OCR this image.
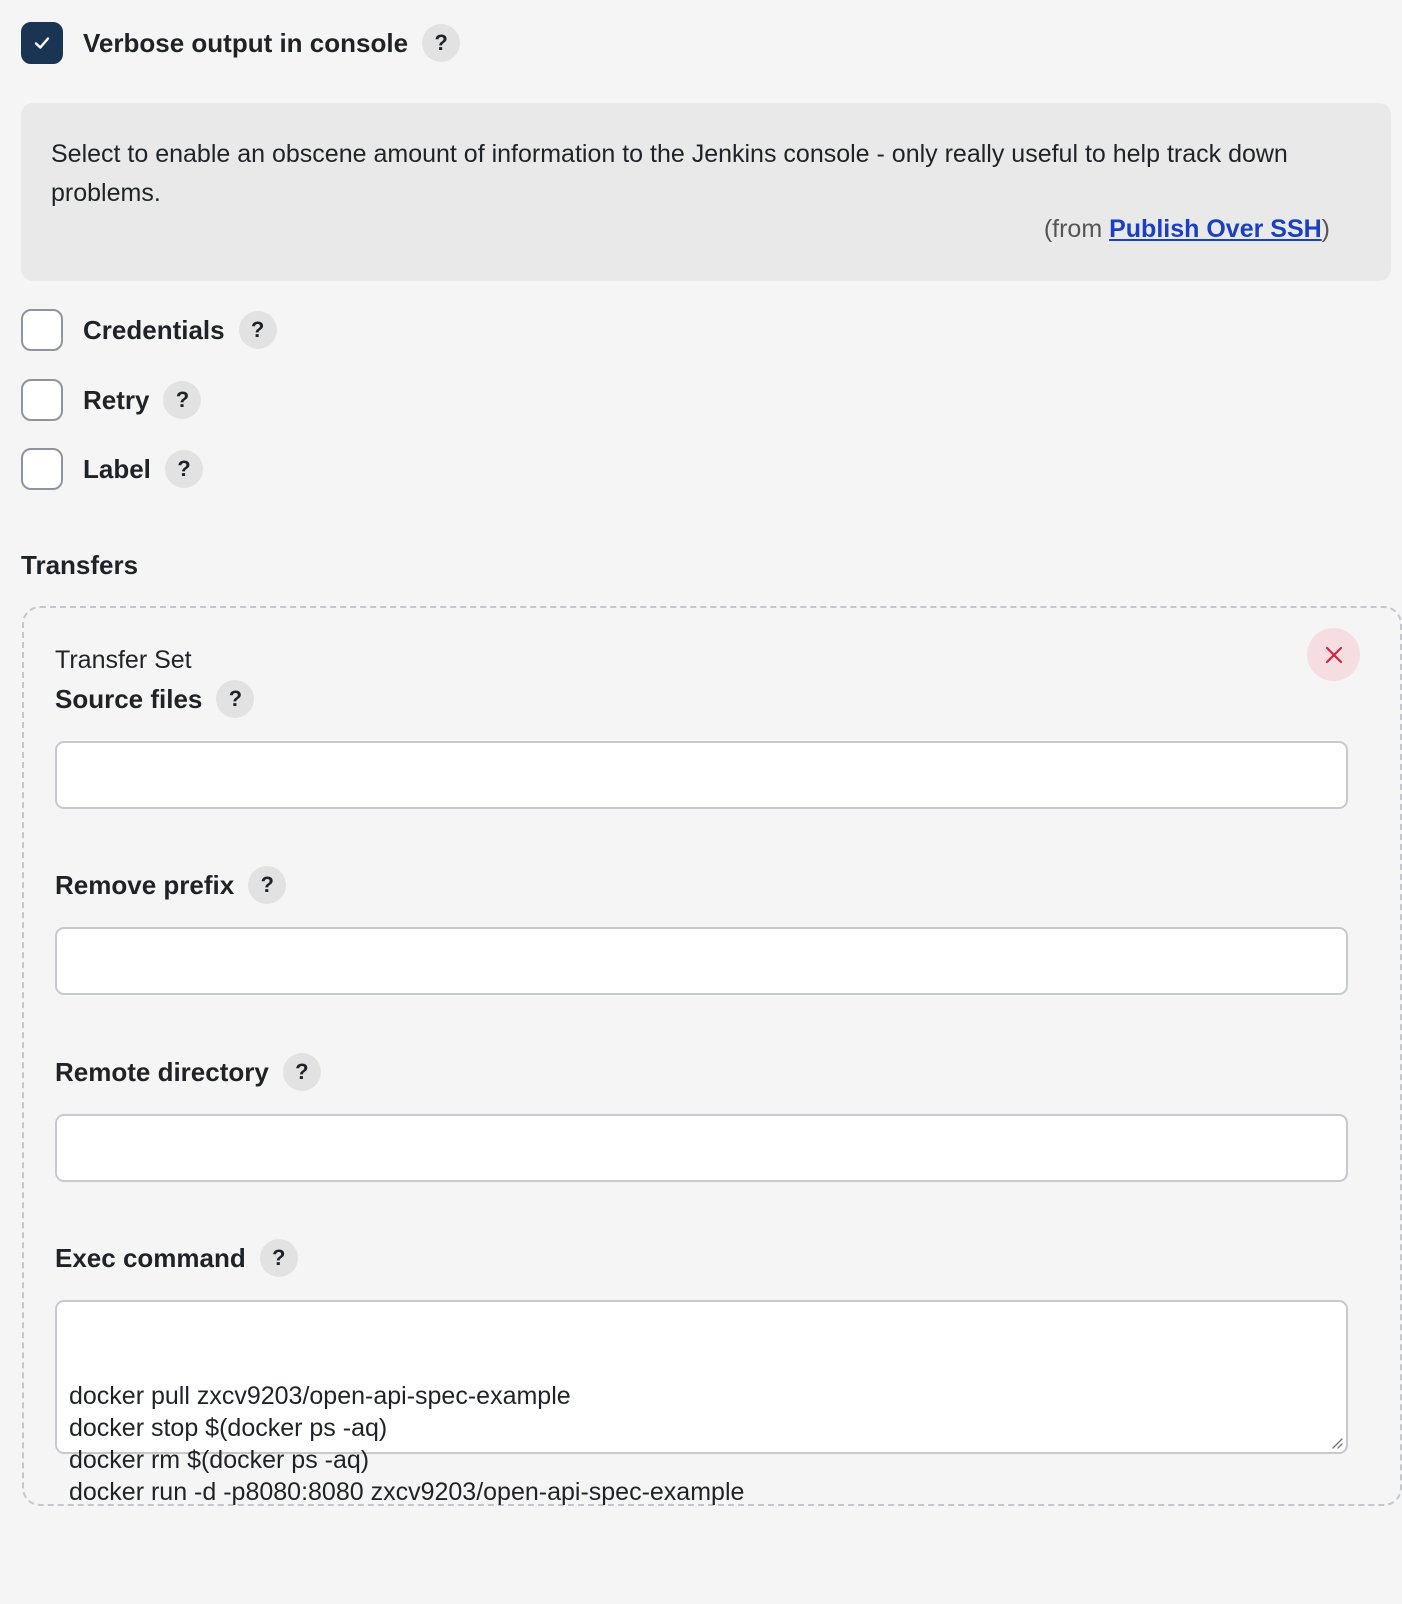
Verbose output in console	?

Select to enable an obscene amount of information to the Jenkins console - only really useful to help track down problems.

(from Publish Over SSH)
Credentials	?
Retry	?
Label	?
Transfers
Transfer Set
Source files	?
Remove prefix	?
Remote directory	?
Exec command	?

docker pull zxcv9203/open-api-spec-example
docker stop $(docker ps -aq)
docker rm $(docker ps -aq)
docker run -d -p8080:8080 zxcv9203/open-api-spec-example
